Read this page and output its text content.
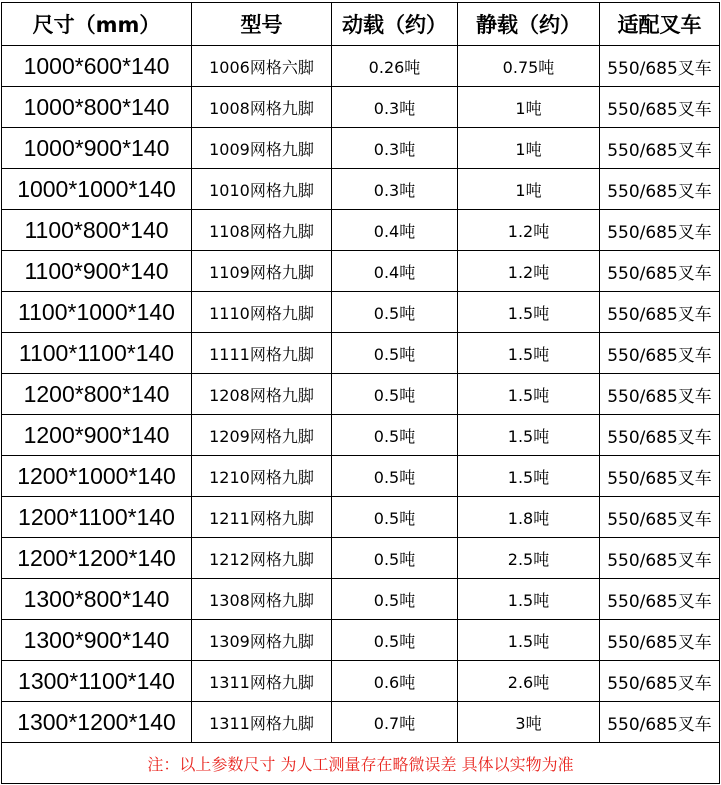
尺寸（mm）	型号	动载（约）	静载（约）	适配叉车
1000*600*140	1006网格六脚	0.26吨	0.75吨	550/685叉车
1000*800*140	1008网格九脚	0.3吨	1吨	550/685叉车
1000*900*140	1009网格九脚	0.3吨	1吨	550/685叉车
1000*1000*140	1010网格九脚	0.3吨	1吨	550/685叉车
1100*800*140	1108网格九脚	0.4吨	1.2吨	550/685叉车
1100*900*140	1109网格九脚	0.4吨	1.2吨	550/685叉车
1100*1000*140	1110网格九脚	0.5吨	1.5吨	550/685叉车
1100*1100*140	1111网格九脚	0.5吨	1.5吨	550/685叉车
1200*800*140	1208网格九脚	0.5吨	1.5吨	550/685叉车
1200*900*140	1209网格九脚	0.5吨	1.5吨	550/685叉车
1200*1000*140	1210网格九脚	0.5吨	1.5吨	550/685叉车
1200*1100*140	1211网格九脚	0.5吨	1.8吨	550/685叉车
1200*1200*140	1212网格九脚	0.5吨	2.5吨	550/685叉车
1300*800*140	1308网格九脚	0.5吨	1.5吨	550/685叉车
1300*900*140	1309网格九脚	0.5吨	1.5吨	550/685叉车
1300*1100*140	1311网格九脚	0.6吨	2.6吨	550/685叉车
1300*1200*140	1311网格九脚	0.7吨	3吨	550/685叉车
注：以上参数尺寸 为人工测量存在略微误差 具体以实物为准				
